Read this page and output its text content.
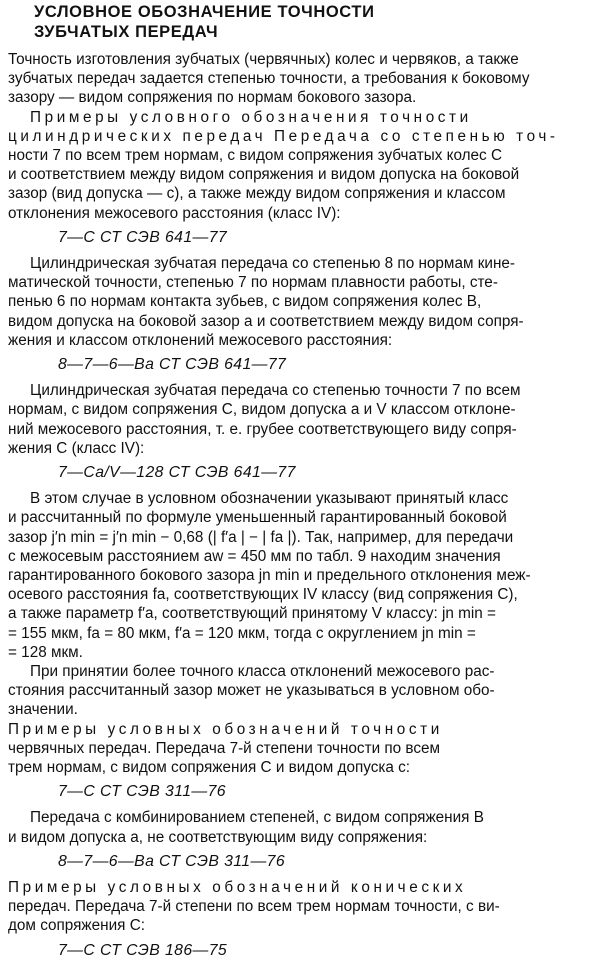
УСЛОВНОЕ ОБОЗНАЧЕНИЕ ТОЧНОСТИ
ЗУБЧАТЫХ ПЕРЕДАЧ
Точность изготовления зубчатых (червячных) колес и червяков, а также
зубчатых передач задается степенью точности, а требования к боковому
зазору — видом сопряжения по нормам бокового зазора.
Примеры условного обозначения точности
цилиндрических передач Передача со степенью точ-
ности 7 по всем трем нормам, с видом сопряжения зубчатых колес C
и соответствием между видом сопряжения и видом допуска на боковой
зазор (вид допуска — c), а также между видом сопряжения и классом
отклонения межосевого расстояния (класс IV):
7—C СТ СЭВ 641—77
Цилиндрическая зубчатая передача со степенью 8 по нормам кине-
матической точности, степенью 7 по нормам плавности работы, сте-
пенью 6 по нормам контакта зубьев, с видом сопряжения колес B,
видом допуска на боковой зазор a и соответствием между видом сопря-
жения и классом отклонений межосевого расстояния:
8—7—6—Ba СТ СЭВ 641—77
Цилиндрическая зубчатая передача со степенью точности 7 по всем
нормам, с видом сопряжения C, видом допуска a и V классом отклоне-
ний межосевого расстояния, т. е. грубее соответствующего виду сопря-
жения C (класс IV):
7—Ca/V—128 СТ СЭВ 641—77
В этом случае в условном обозначении указывают принятый класс
и рассчитанный по формуле уменьшенный гарантированный боковой
зазор j′n min = j′n min − 0,68 (| f′a | − | fa |). Так, например, для передачи
с межосевым расстоянием aw = 450 мм по табл. 9 находим значения
гарантированного бокового зазора jn min и предельного отклонения меж-
осевого расстояния fa, соответствующих IV классу (вид сопряжения C),
а также параметр f′a, соответствующий принятому V классу: jn min =
= 155 мкм, fa = 80 мкм, f′a = 120 мкм, тогда с округлением jn min =
= 128 мкм.
При принятии более точного класса отклонений межосевого рас-
стояния рассчитанный зазор может не указываться в условном обо-
значении.
Примеры условных обозначений точности
червячных передач. Передача 7-й степени точности по всем
трем нормам, с видом сопряжения C и видом допуска c:
7—C СТ СЭВ 311—76
Передача с комбинированием степеней, с видом сопряжения B
и видом допуска a, не соответствующим виду сопряжения:
8—7—6—Ba СТ СЭВ 311—76
Примеры условных обозначений конических
передач. Передача 7-й степени по всем трем нормам точности, с ви-
дом сопряжения C:
7—C СТ СЭВ 186—75
